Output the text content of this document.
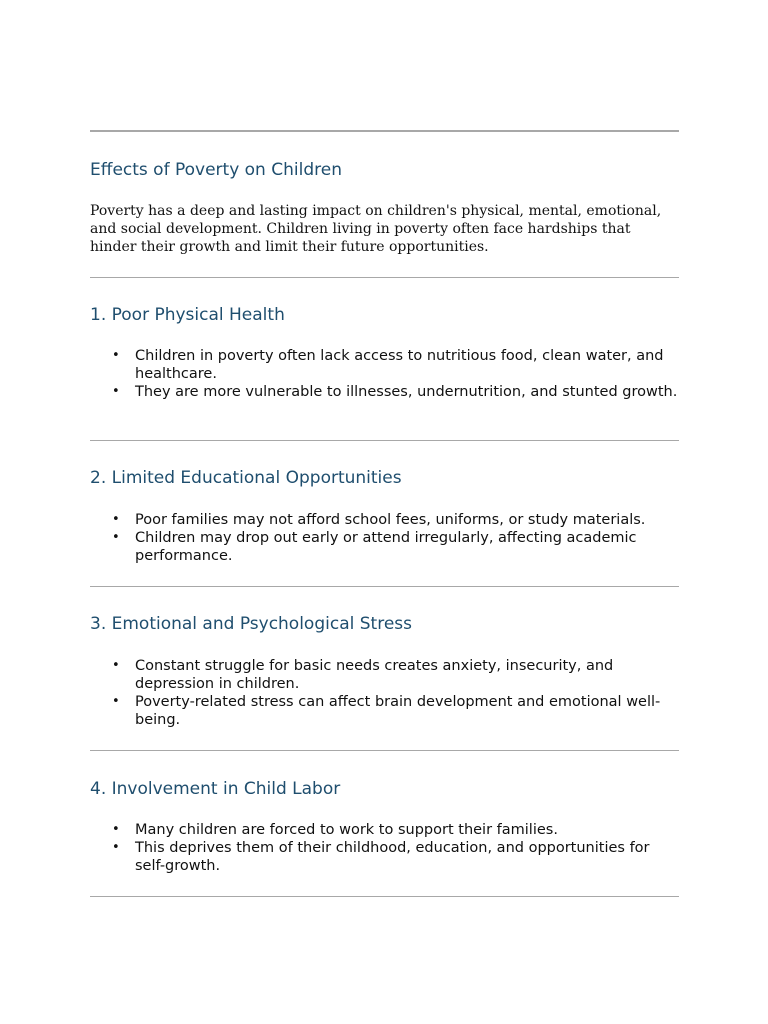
Effects of Poverty on Children

Poverty has a deep and lasting impact on children's physical, mental, emotional, and social development. Children living in poverty often face hardships that hinder their growth and limit their future opportunities.

1. Poor Physical Health
• Children in poverty often lack access to nutritious food, clean water, and healthcare.
• They are more vulnerable to illnesses, undernutrition, and stunted growth.
2. Limited Educational Opportunities
• Poor families may not afford school fees, uniforms, or study materials.
• Children may drop out early or attend irregularly, affecting academic performance.
3. Emotional and Psychological Stress
• Constant struggle for basic needs creates anxiety, insecurity, and depression in children.
• Poverty-related stress can affect brain development and emotional well-being.
4. Involvement in Child Labor
• Many children are forced to work to support their families.
• This deprives them of their childhood, education, and opportunities for self-growth.
